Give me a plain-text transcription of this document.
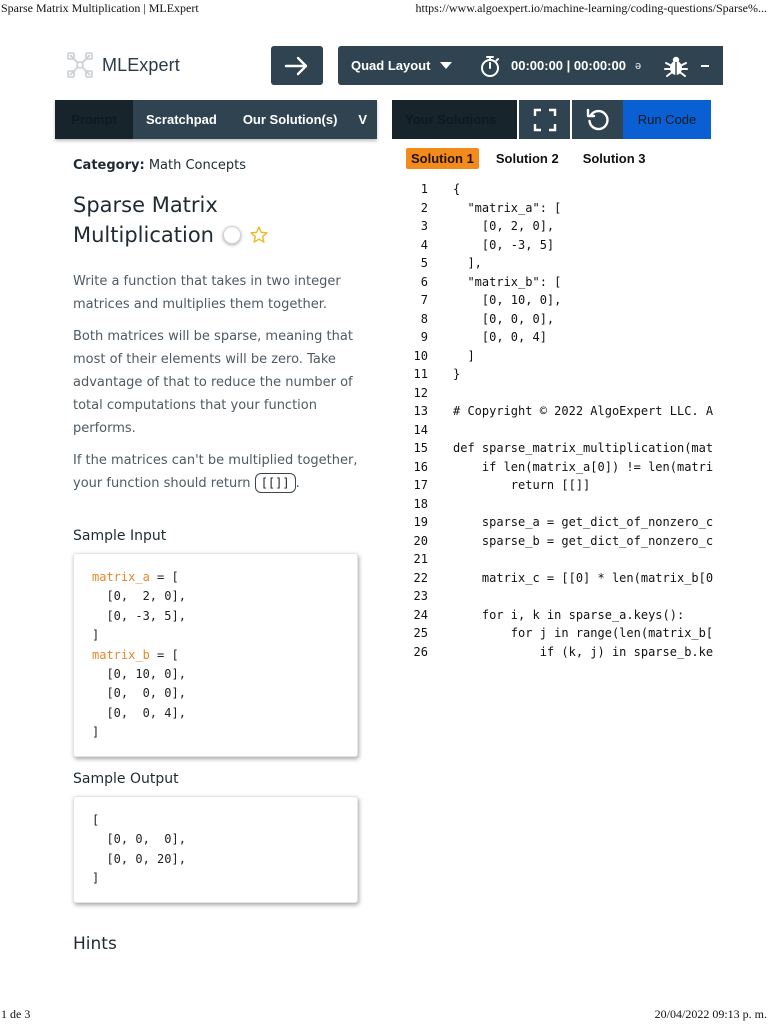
Sparse Matrix Multiplication | MLExpert	https://www.algoexpert.io/machine-learning/coding-questions/Sparse%...
MLExpert	Quad Layout	00:00:00 | 00:00:00 ə
Prompt	Scratchpad	Our Solution(s)	V	Your Solutions	Run Code
Category: Math Concepts
Sparse Matrix
Multiplication

Write a function that takes in two integer matrices and multiplies them together.

Both matrices will be sparse, meaning that most of their elements will be zero. Take advantage of that to reduce the number of total computations that your function performs.

If the matrices can't be multiplied together, your function should return [[]] .

Sample Input
matrix_a = [
[0,  2, 0],
[0, -3, 5],
]
matrix_b = [
[0, 10, 0],
[0,  0, 0],
[0,  0, 4],
]
Sample Output
[
[0, 0,  0],
[0, 0, 20],
]
Hints
Solution 1	Solution 2	Solution 3
1 {
2 "matrix_a": [
3 [0, 2, 0],
4 [0, -3, 5]
5 ],
6 "matrix_b": [
7 [0, 10, 0],
8 [0, 0, 0],
9 [0, 0, 4]
10 ]
11 }
12
13 # Copyright © 2022 AlgoExpert LLC. A
14
15 def sparse_matrix_multiplication(mat
16 if len(matrix_a[0]) != len(matri
17 return [[]]
18
19 sparse_a = get_dict_of_nonzero_c
20 sparse_b = get_dict_of_nonzero_c
21
22 matrix_c = [[0] * len(matrix_b[0
23
24 for i, k in sparse_a.keys():
25 for j in range(len(matrix_b[
26 if (k, j) in sparse_b.ke
1 de 3	20/04/2022 09:13 p. m.
